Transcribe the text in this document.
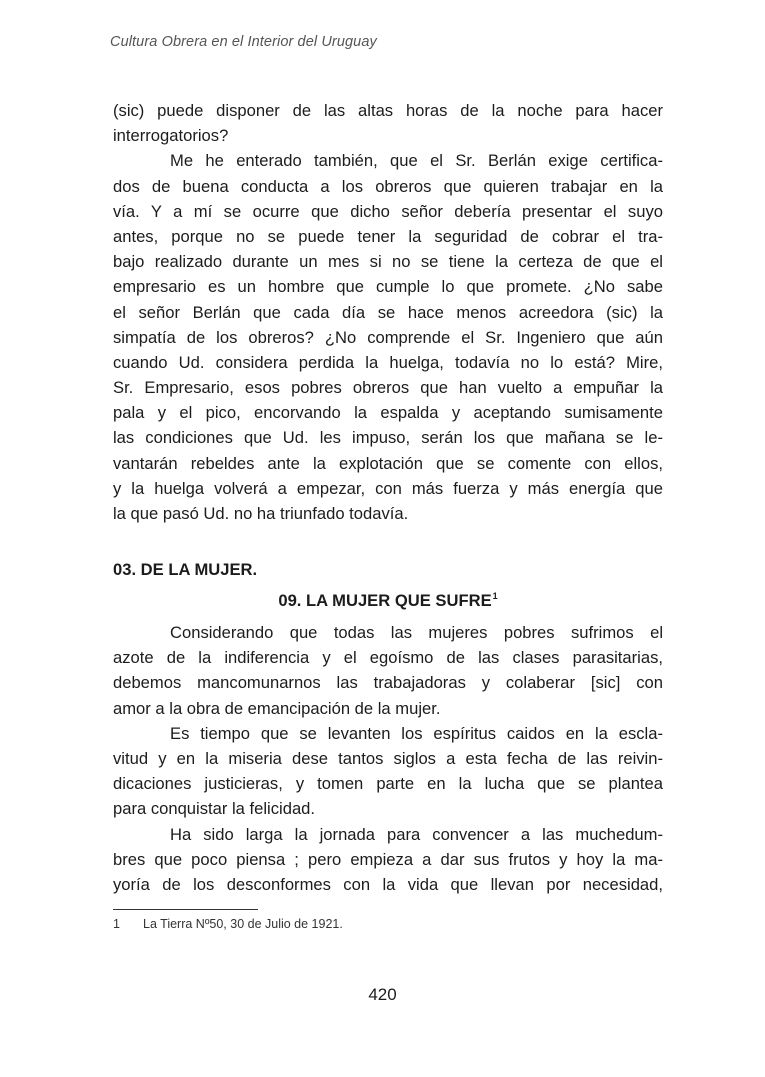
Cultura Obrera en el Interior del Uruguay

(sic) puede disponer de las altas horas de la noche para hacer
interrogatorios?

Me he enterado también, que el Sr. Berlán exige certifica-
dos de buena conducta a los obreros que quieren trabajar en la
vía. Y a mí se ocurre que dicho señor debería presentar el suyo
antes, porque no se puede tener la seguridad de cobrar el tra-
bajo realizado durante un mes si no se tiene la certeza de que el
empresario es un hombre que cumple lo que promete. ¿No sabe
el señor Berlán que cada día se hace menos acreedora (sic) la
simpatía de los obreros? ¿No comprende el Sr. Ingeniero que aún
cuando Ud. considera perdida la huelga, todavía no lo está? Mire,
Sr. Empresario, esos pobres obreros que han vuelto a empuñar la
pala y el pico, encorvando la espalda y aceptando sumisamente
las condiciones que Ud. les impuso, serán los que mañana se le-
vantarán rebeldes ante la explotación que se comente con ellos,
y la huelga volverá a empezar, con más fuerza y más energía que
la que pasó Ud. no ha triunfado todavía.

03. DE LA MUJER.
09. LA MUJER QUE SUFRE$^1$

Considerando que todas las mujeres pobres sufrimos el
azote de la indiferencia y el egoísmo de las clases parasitarias,
debemos mancomunarnos las trabajadoras y colaberar [sic] con
amor a la obra de emancipación de la mujer.

Es tiempo que se levanten los espíritus caidos en la escla-
vitud y en la miseria dese tantos siglos a esta fecha de las reivin-
dicaciones justicieras, y tomen parte en la lucha que se plantea
para conquistar la felicidad.

Ha sido larga la jornada para convencer a las muchedum-
bres que poco piensa ; pero empieza a dar sus frutos y hoy la ma-
yoría de los desconformes con la vida que llevan por necesidad,

1 La Tierra Nº50, 30 de Julio de 1921.
420
